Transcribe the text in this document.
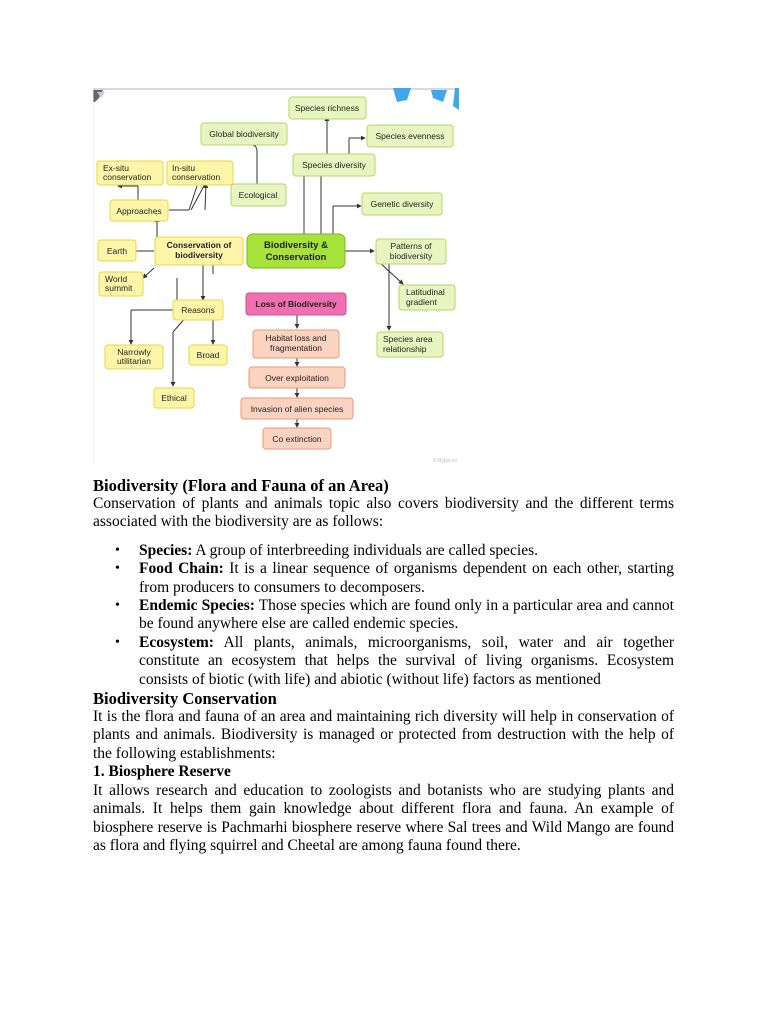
Species richness
Global biodiversity	Species evenness
Ex-situ
conservation
In-situ
conservation
Species diversity
Ecological
Genetic diversity
Approaches
Earth
Conservation of
biodiversity
Biodiversity &
Conservation
Patterns of
biodiversity
World
summit
Loss of Biodiversity
Latitudinal
gradient
Reasons
Habitat loss and
fragmentation
Species area
relationship
Narrowly
utilitarian
Broad
Over exploitation
Ethical
Invasion of alien species
Co extinction
© Byjus.co

Biodiversity (Flora and Fauna of an Area)

Conservation of plants and animals topic also covers biodiversity and the different terms associated with the biodiversity are as follows:

• Species: A group of interbreeding individuals are called species.
• Food Chain: It is a linear sequence of organisms dependent on each other, starting from producers to consumers to decomposers.
• Endemic Species: Those species which are found only in a particular area and cannot be found anywhere else are called endemic species.
• Ecosystem: All plants, animals, microorganisms, soil, water and air together constitute an ecosystem that helps the survival of living organisms. Ecosystem consists of biotic (with life) and abiotic (without life) factors as mentioned

Biodiversity Conservation

It is the flora and fauna of an area and maintaining rich diversity will help in conservation of plants and animals. Biodiversity is managed or protected from destruction with the help of the following establishments:

1. Biosphere Reserve

It allows research and education to zoologists and botanists who are studying plants and animals. It helps them gain knowledge about different flora and fauna. An example of biosphere reserve is Pachmarhi biosphere reserve where Sal trees and Wild Mango are found as flora and flying squirrel and Cheetal are among fauna found there.
